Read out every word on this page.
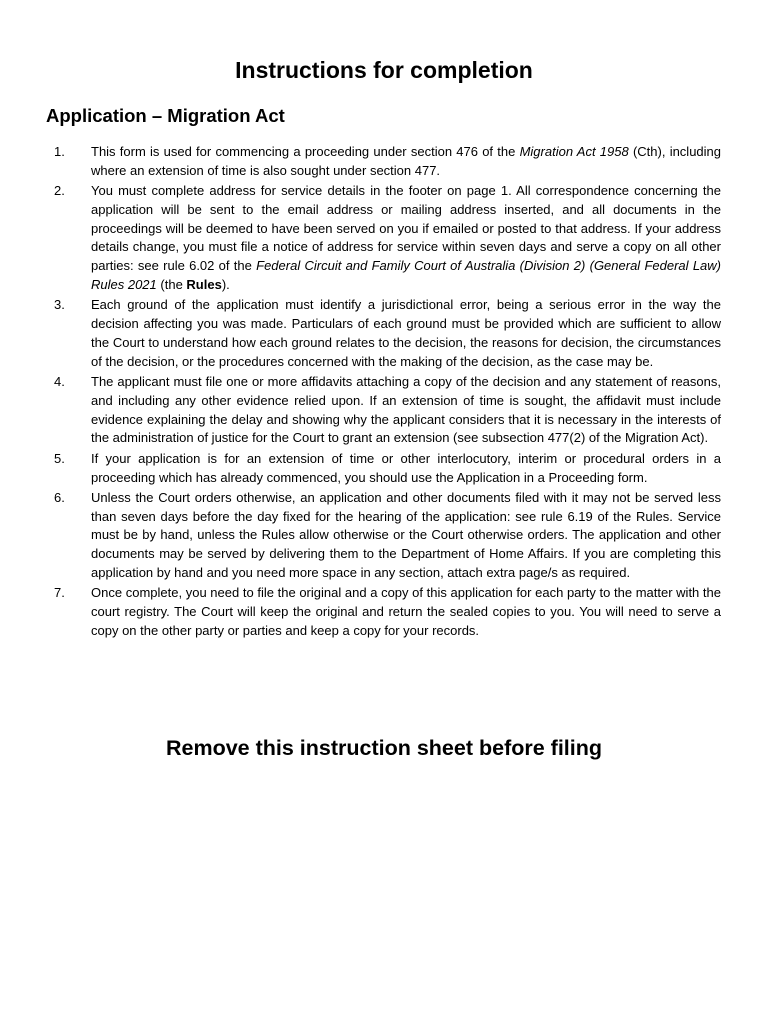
Instructions for completion
Application – Migration Act
1. This form is used for commencing a proceeding under section 476 of the Migration Act 1958 (Cth), including where an extension of time is also sought under section 477.
2. You must complete address for service details in the footer on page 1. All correspondence concerning the application will be sent to the email address or mailing address inserted, and all documents in the proceedings will be deemed to have been served on you if emailed or posted to that address. If your address details change, you must file a notice of address for service within seven days and serve a copy on all other parties: see rule 6.02 of the Federal Circuit and Family Court of Australia (Division 2) (General Federal Law) Rules 2021 (the Rules).
3. Each ground of the application must identify a jurisdictional error, being a serious error in the way the decision affecting you was made. Particulars of each ground must be provided which are sufficient to allow the Court to understand how each ground relates to the decision, the reasons for decision, the circumstances of the decision, or the procedures concerned with the making of the decision, as the case may be.
4. The applicant must file one or more affidavits attaching a copy of the decision and any statement of reasons, and including any other evidence relied upon. If an extension of time is sought, the affidavit must include evidence explaining the delay and showing why the applicant considers that it is necessary in the interests of the administration of justice for the Court to grant an extension (see subsection 477(2) of the Migration Act).
5. If your application is for an extension of time or other interlocutory, interim or procedural orders in a proceeding which has already commenced, you should use the Application in a Proceeding form.
6. Unless the Court orders otherwise, an application and other documents filed with it may not be served less than seven days before the day fixed for the hearing of the application: see rule 6.19 of the Rules. Service must be by hand, unless the Rules allow otherwise or the Court otherwise orders. The application and other documents may be served by delivering them to the Department of Home Affairs. If you are completing this application by hand and you need more space in any section, attach extra page/s as required.
7. Once complete, you need to file the original and a copy of this application for each party to the matter with the court registry. The Court will keep the original and return the sealed copies to you. You will need to serve a copy on the other party or parties and keep a copy for your records.
Remove this instruction sheet before filing
